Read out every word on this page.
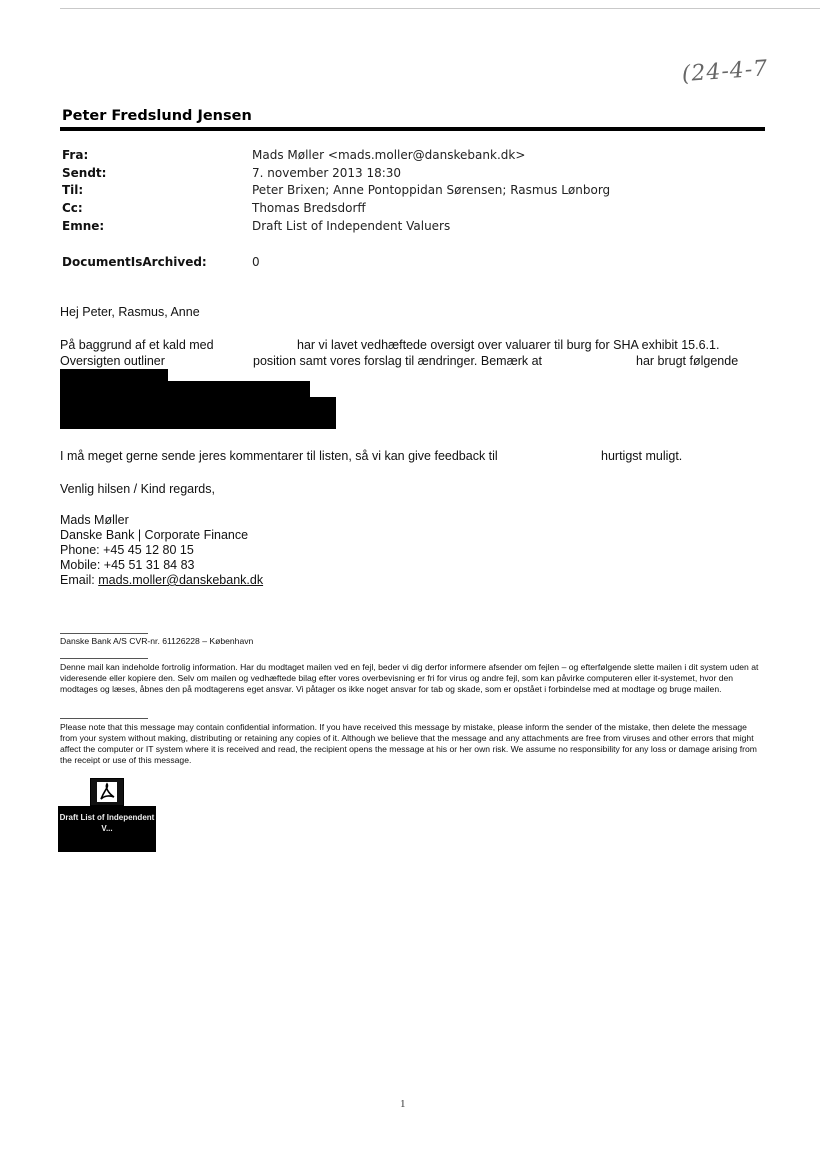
(24-4-7
Peter Fredslund Jensen
Fra:	Mads Møller <mads.moller@danskebank.dk>
Sendt:	7. november 2013 18:30
Til:	Peter Brixen; Anne Pontoppidan Sørensen; Rasmus Lønborg
Cc:	Thomas Bredsdorff
Emne:	Draft List of Independent Valuers
DocumentIsArchived:	0
Hej Peter, Rasmus, Anne
På baggrund af et kald med	har vi lavet vedhæftede oversigt over valuarer til burg for SHA exhibit 15.6.1.
Oversigten outliner	position samt vores forslag til ændringer. Bemærk at	har brugt følgende
I må meget gerne sende jeres kommentarer til listen, så vi kan give feedback til	hurtigst muligt.
Venlig hilsen / Kind regards,
Mads Møller
Danske Bank | Corporate Finance
Phone: +45 45 12 80 15
Mobile: +45 51 31 84 83
Email: mads.moller@danskebank.dk
Danske Bank A/S CVR-nr. 61126228 – København

Denne mail kan indeholde fortrolig information. Har du modtaget mailen ved en fejl, beder vi dig derfor informere afsender om fejlen – og efterfølgende slette mailen i dit system uden at videresende eller kopiere den. Selv om mailen og vedhæftede bilag efter vores overbevisning er fri for virus og andre fejl, som kan påvirke computeren eller it-systemet, hvor den modtages og læses, åbnes den på modtagerens eget ansvar. Vi påtager os ikke noget ansvar for tab og skade, som er opstået i forbindelse med at modtage og bruge mailen.

Please note that this message may contain confidential information. If you have received this message by mistake, please inform the sender of the mistake, then delete the message from your system without making, distributing or retaining any copies of it. Although we believe that the message and any attachments are free from viruses and other errors that might affect the computer or IT system where it is received and read, the recipient opens the message at his or her own risk. We assume no responsibility for any loss or damage arising from the receipt or use of this message.

Draft List of Independent V...
1
